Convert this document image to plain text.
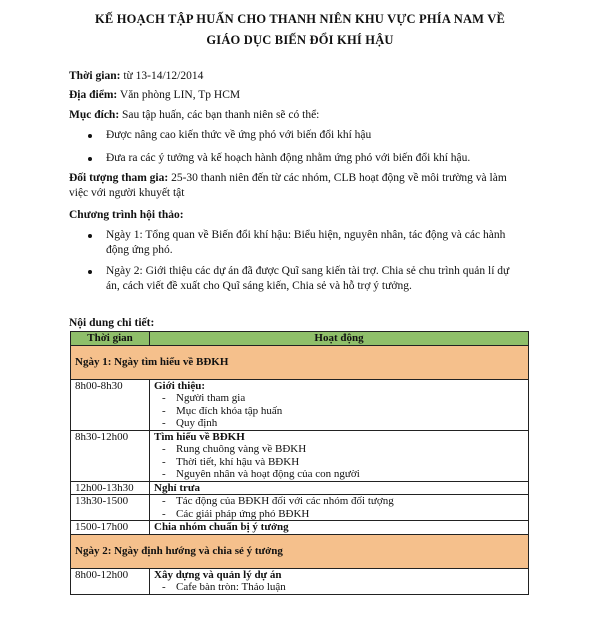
KẾ HOẠCH TẬP HUẤN CHO THANH NIÊN KHU VỰC PHÍA NAM VỀ
GIÁO DỤC BIẾN ĐỔI KHÍ HẬU
Thời gian: từ 13-14/12/2014
Địa điểm: Văn phòng LIN, Tp HCM
Mục đích: Sau tập huấn, các bạn thanh niên sẽ có thể:
Được nâng cao kiến thức về ứng phó với biến đổi khí hậu
Đưa ra các ý tưởng và kế hoạch hành động nhằm ứng phó với biến đổi khí hậu.
Đối tượng tham gia: 25-30 thanh niên đến từ các nhóm, CLB hoạt động về môi trường và làm
việc với người khuyết tật
Chương trình hội thảo:
Ngày 1: Tổng quan về Biến đổi khí hậu: Biểu hiện, nguyên nhân, tác động và các hành
động ứng phó.
Ngày 2: Giới thiệu các dự án đã được Quĩ sang kiến tài trợ. Chia sẻ chu trình quản lí dự
án, cách viết đề xuất cho Quĩ sáng kiến, Chia sẻ và hỗ trợ ý tưởng.
Nội dung chi tiết:
Thời gian	Hoạt động
Ngày 1: Ngày tìm hiểu về BĐKH	
8h00-8h30	Giới thiệu:
- Người tham gia
- Mục đích khóa tập huấn
- Quy định

8h30-12h00	Tìm hiểu về BĐKH
- Rung chuông vàng về BĐKH
- Thời tiết, khí hậu và BĐKH
- Nguyên nhân và hoạt động của con người

12h00-13h30	Nghỉ trưa
13h30-1500	- Tác động của BĐKH đối với các nhóm đối tượng
- Các giải pháp ứng phó BĐKH

1500-17h00	Chia nhóm chuẩn bị ý tưởng
Ngày 2: Ngày định hướng và chia sẻ ý tưởng	
8h00-12h00	Xây dựng và quản lý dự án
- Cafe bàn tròn: Thảo luận
